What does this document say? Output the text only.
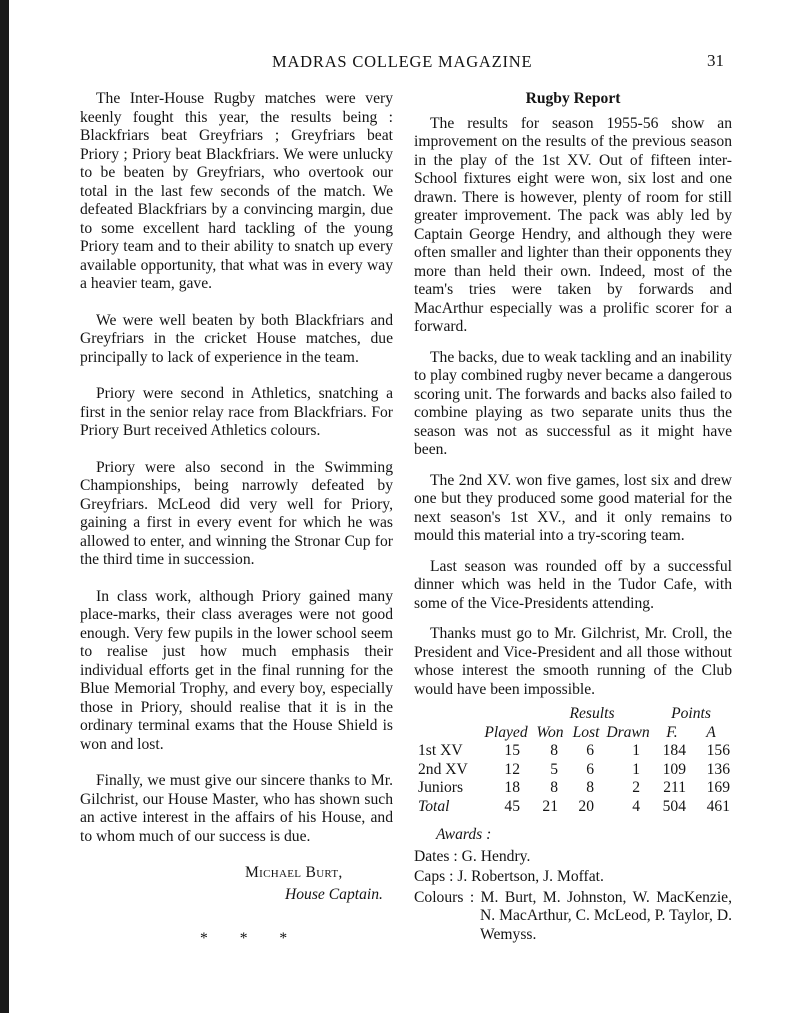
MADRAS COLLEGE MAGAZINE	31

The Inter-House Rugby matches were very keenly fought this year, the results being : Blackfriars beat Greyfriars ; Greyfriars beat Priory ; Priory beat Blackfriars. We were unlucky to be beaten by Greyfriars, who overtook our total in the last few seconds of the match. We defeated Blackfriars by a convincing margin, due to some excellent hard tackling of the young Priory team and to their ability to snatch up every available opportunity, that what was in every way a heavier team, gave.

We were well beaten by both Blackfriars and Greyfriars in the cricket House matches, due principally to lack of experience in the team.

Priory were second in Athletics, snatching a first in the senior relay race from Blackfriars. For Priory Burt received Athletics colours.

Priory were also second in the Swimming Championships, being narrowly defeated by Greyfriars. McLeod did very well for Priory, gaining a first in every event for which he was allowed to enter, and winning the Stronar Cup for the third time in succession.

In class work, although Priory gained many place-marks, their class averages were not good enough. Very few pupils in the lower school seem to realise just how much emphasis their individual efforts get in the final running for the Blue Memorial Trophy, and every boy, especially those in Priory, should realise that it is in the ordinary terminal exams that the House Shield is won and lost.

Finally, we must give our sincere thanks to Mr. Gilchrist, our House Master, who has shown such an active interest in the affairs of his House, and to whom much of our success is due.

Michael Burt,
House Captain.
* * *
Rugby Report

The results for season 1955-56 show an improvement on the results of the previous season in the play of the 1st XV. Out of fifteen inter-School fixtures eight were won, six lost and one drawn. There is however, plenty of room for still greater improvement. The pack was ably led by Captain George Hendry, and although they were often smaller and lighter than their opponents they more than held their own. Indeed, most of the team's tries were taken by forwards and MacArthur especially was a prolific scorer for a forward.

The backs, due to weak tackling and an inability to play combined rugby never became a dangerous scoring unit. The forwards and backs also failed to combine playing as two separate units thus the season was not as successful as it might have been.

The 2nd XV. won five games, lost six and drew one but they produced some good material for the next season's 1st XV., and it only remains to mould this material into a try-scoring team.

Last season was rounded off by a successful dinner which was held in the Tudor Cafe, with some of the Vice-Presidents attending.

Thanks must go to Mr. Gilchrist, Mr. Croll, the President and Vice-President and all those without whose interest the smooth running of the Club would have been impossible.

		Results			Points	
	Played	Won	Lost	Drawn	F.	A
1st XV	15	8	6	1	184	156
2nd XV	12	5	6	1	109	136
Juniors	18	8	8	2	211	169
Total	45	21	20	4	504	461
Awards :
Dates : G. Hendry.
Caps : J. Robertson, J. Moffat.
Colours : M. Burt, M. Johnston, W. MacKenzie, N. MacArthur, C. McLeod, P. Taylor, D. Wemyss.
